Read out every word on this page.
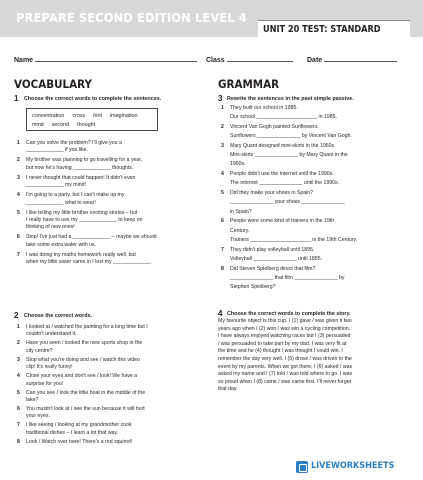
PREPARE SECOND EDITION LEVEL 4
UNIT 20 TEST: STANDARD
Name	Class	Date
VOCABULARY
1 Choose the correct words to complete the sentences.
concentration cross hint imagination
mind second thought
1 Can you solve the problem? I'll give you a
_____________ if you like.
2 My brother was planning to go travelling for a year,
but now he's having _____________ thoughts.
3 I never thought that could happen! It didn't even
_____________ my mind!
4 I'm going to a party, but I can't make up my
_____________ what to wear!
5 I like telling my little brother exciting stories – but
I really have to use my _____________ to keep on
thinking of new ones!
6 Stop! I've just had a _____________ – maybe we should
take some extra water with us.
7 I was doing my maths homework really well, but
when my little sister came in I lost my _____________.
2 Choose the correct words.
1 I looked at / watched the painting for a long time but I
couldn't understand it.
2 Have you seen / looked the new sports shop in the
city centre?
3 Stop what you're doing and see / watch this video
clip! It's really funny!
4 Close your eyes and don't see / look! We have a
surprise for you!
5 Can you see / look the little boat in the middle of the
lake?
6 You mustn't look at / see the sun because it will hurt
your eyes.
7 I like seeing / looking at my grandmother cook
traditional dishes – I learn a lot that way.
8 Look / Watch over here! There's a red squirrel!
GRAMMAR
3 Rewrite the sentences in the past simple passive.
1 They built our school in 1985.
Our school _____________________ in 1985.
2 Vincent Van Gogh painted Sunflowers.
Sunflowers _______________ by Vincent Van Gogh.
3 Mary Quant designed mini-skirts in the 1960s.
Mini-skirts _______________ by Mary Quant in the
1960s.
4 People didn't use the internet until the 1990s.
The internet _______________ until the 1990s.
5 Did they make your shoes in Spain?
_______________ your shoes _______________
in Spain?
6 People wore some kind of trainers in the 19th
Century.
Trainers _____________________ in the 19th Century.
7 They didn't play volleyball until 1895.
Volleyball _______________ until 1895.
8 Did Steven Spielberg direct that film?
_______________ that film _______________ by
Stephen Spielberg?
4 Choose the correct words to complete the story.
My favourite object is this cup. I (1) gave / was given it two
years ago when I (2) won / was win a cycling competition.
I have always enjoyed watching races but I (3) persuaded
/ was persuaded to take part by my dad. I was very fit at
the time and he (4) thought / was thought I could win. I
remember the day very well. I (5) drove / was driven to the
event by my parents. When we got there, I (6) asked / was
asked my name and I (7) told / was told where to go. I was
so proud when I (8) came / was came first. I'll never forget
that day.
LIVEWORKSHEETS
